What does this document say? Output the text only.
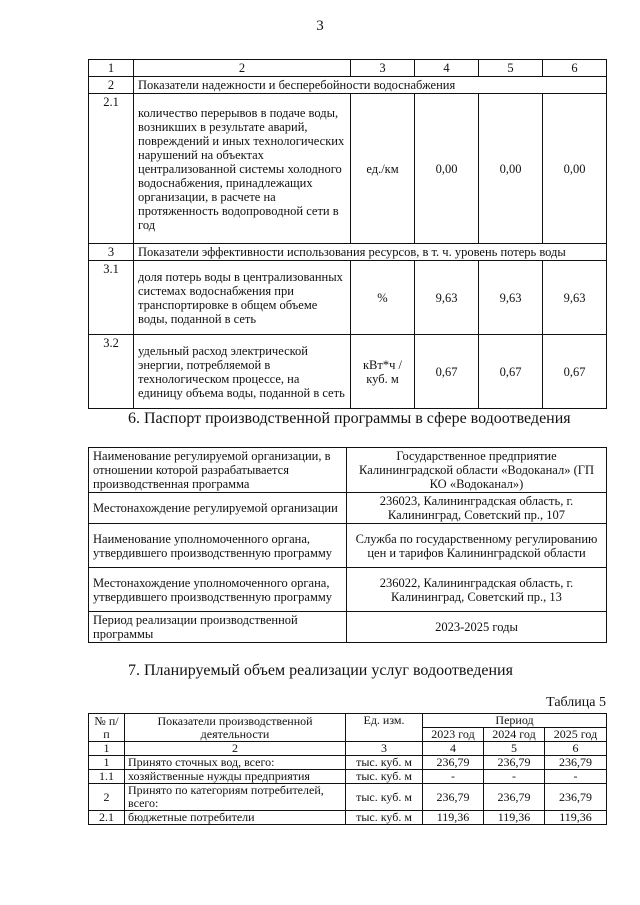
3
1	2	3	4	5	6
2	Показатели надежности и бесперебойности водоснабжения				
2.1	количество перерывов в подаче воды, возникших в результате аварий, повреждений и иных технологических нарушений на объектах централизованной системы холодного водоснабжения, принадлежащих организации, в расчете на протяженность водопроводной сети в год	ед./км	0,00	0,00	0,00
3	Показатели эффективности использования ресурсов, в т. ч. уровень потерь воды				
3.1	доля потерь воды в централизованных системах водоснабжения при транспортировке в общем объеме воды, поданной в сеть	%	9,63	9,63	9,63
3.2	удельный расход электрической энергии, потребляемой в технологическом процессе, на единицу объема воды, поданной в сеть	кВт*ч / куб. м	0,67	0,67	0,67
6. Паспорт производственной программы в сфере водоотведения
Наименование регулируемой организации, в отношении которой разрабатывается производственная программа	Государственное предприятие Калининградской области «Водоканал» (ГП КО «Водоканал»)
Местонахождение регулируемой организации	236023, Калининградская область, г. Калининград, Советский пр., 107
Наименование уполномоченного органа, утвердившего производственную программу	Служба по государственному регулированию цен и тарифов Калининградской области
Местонахождение уполномоченного органа, утвердившего производственную программу	236022, Калининградская область, г. Калининград, Советский пр., 13
Период реализации производственной программы	2023-2025 годы
7. Планируемый объем реализации услуг водоотведения
Таблица 5
№ п/п	Показатели производственной деятельности	Ед. изм.	Период		
			2023 год	2024 год	2025 год
1	2	3	4	5	6
1	Принято сточных вод, всего:	тыс. куб. м	236,79	236,79	236,79
1.1	хозяйственные нужды предприятия	тыс. куб. м	-	-	-
2	Принято по категориям потребителей, всего:	тыс. куб. м	236,79	236,79	236,79
2.1	бюджетные потребители	тыс. куб. м	119,36	119,36	119,36
